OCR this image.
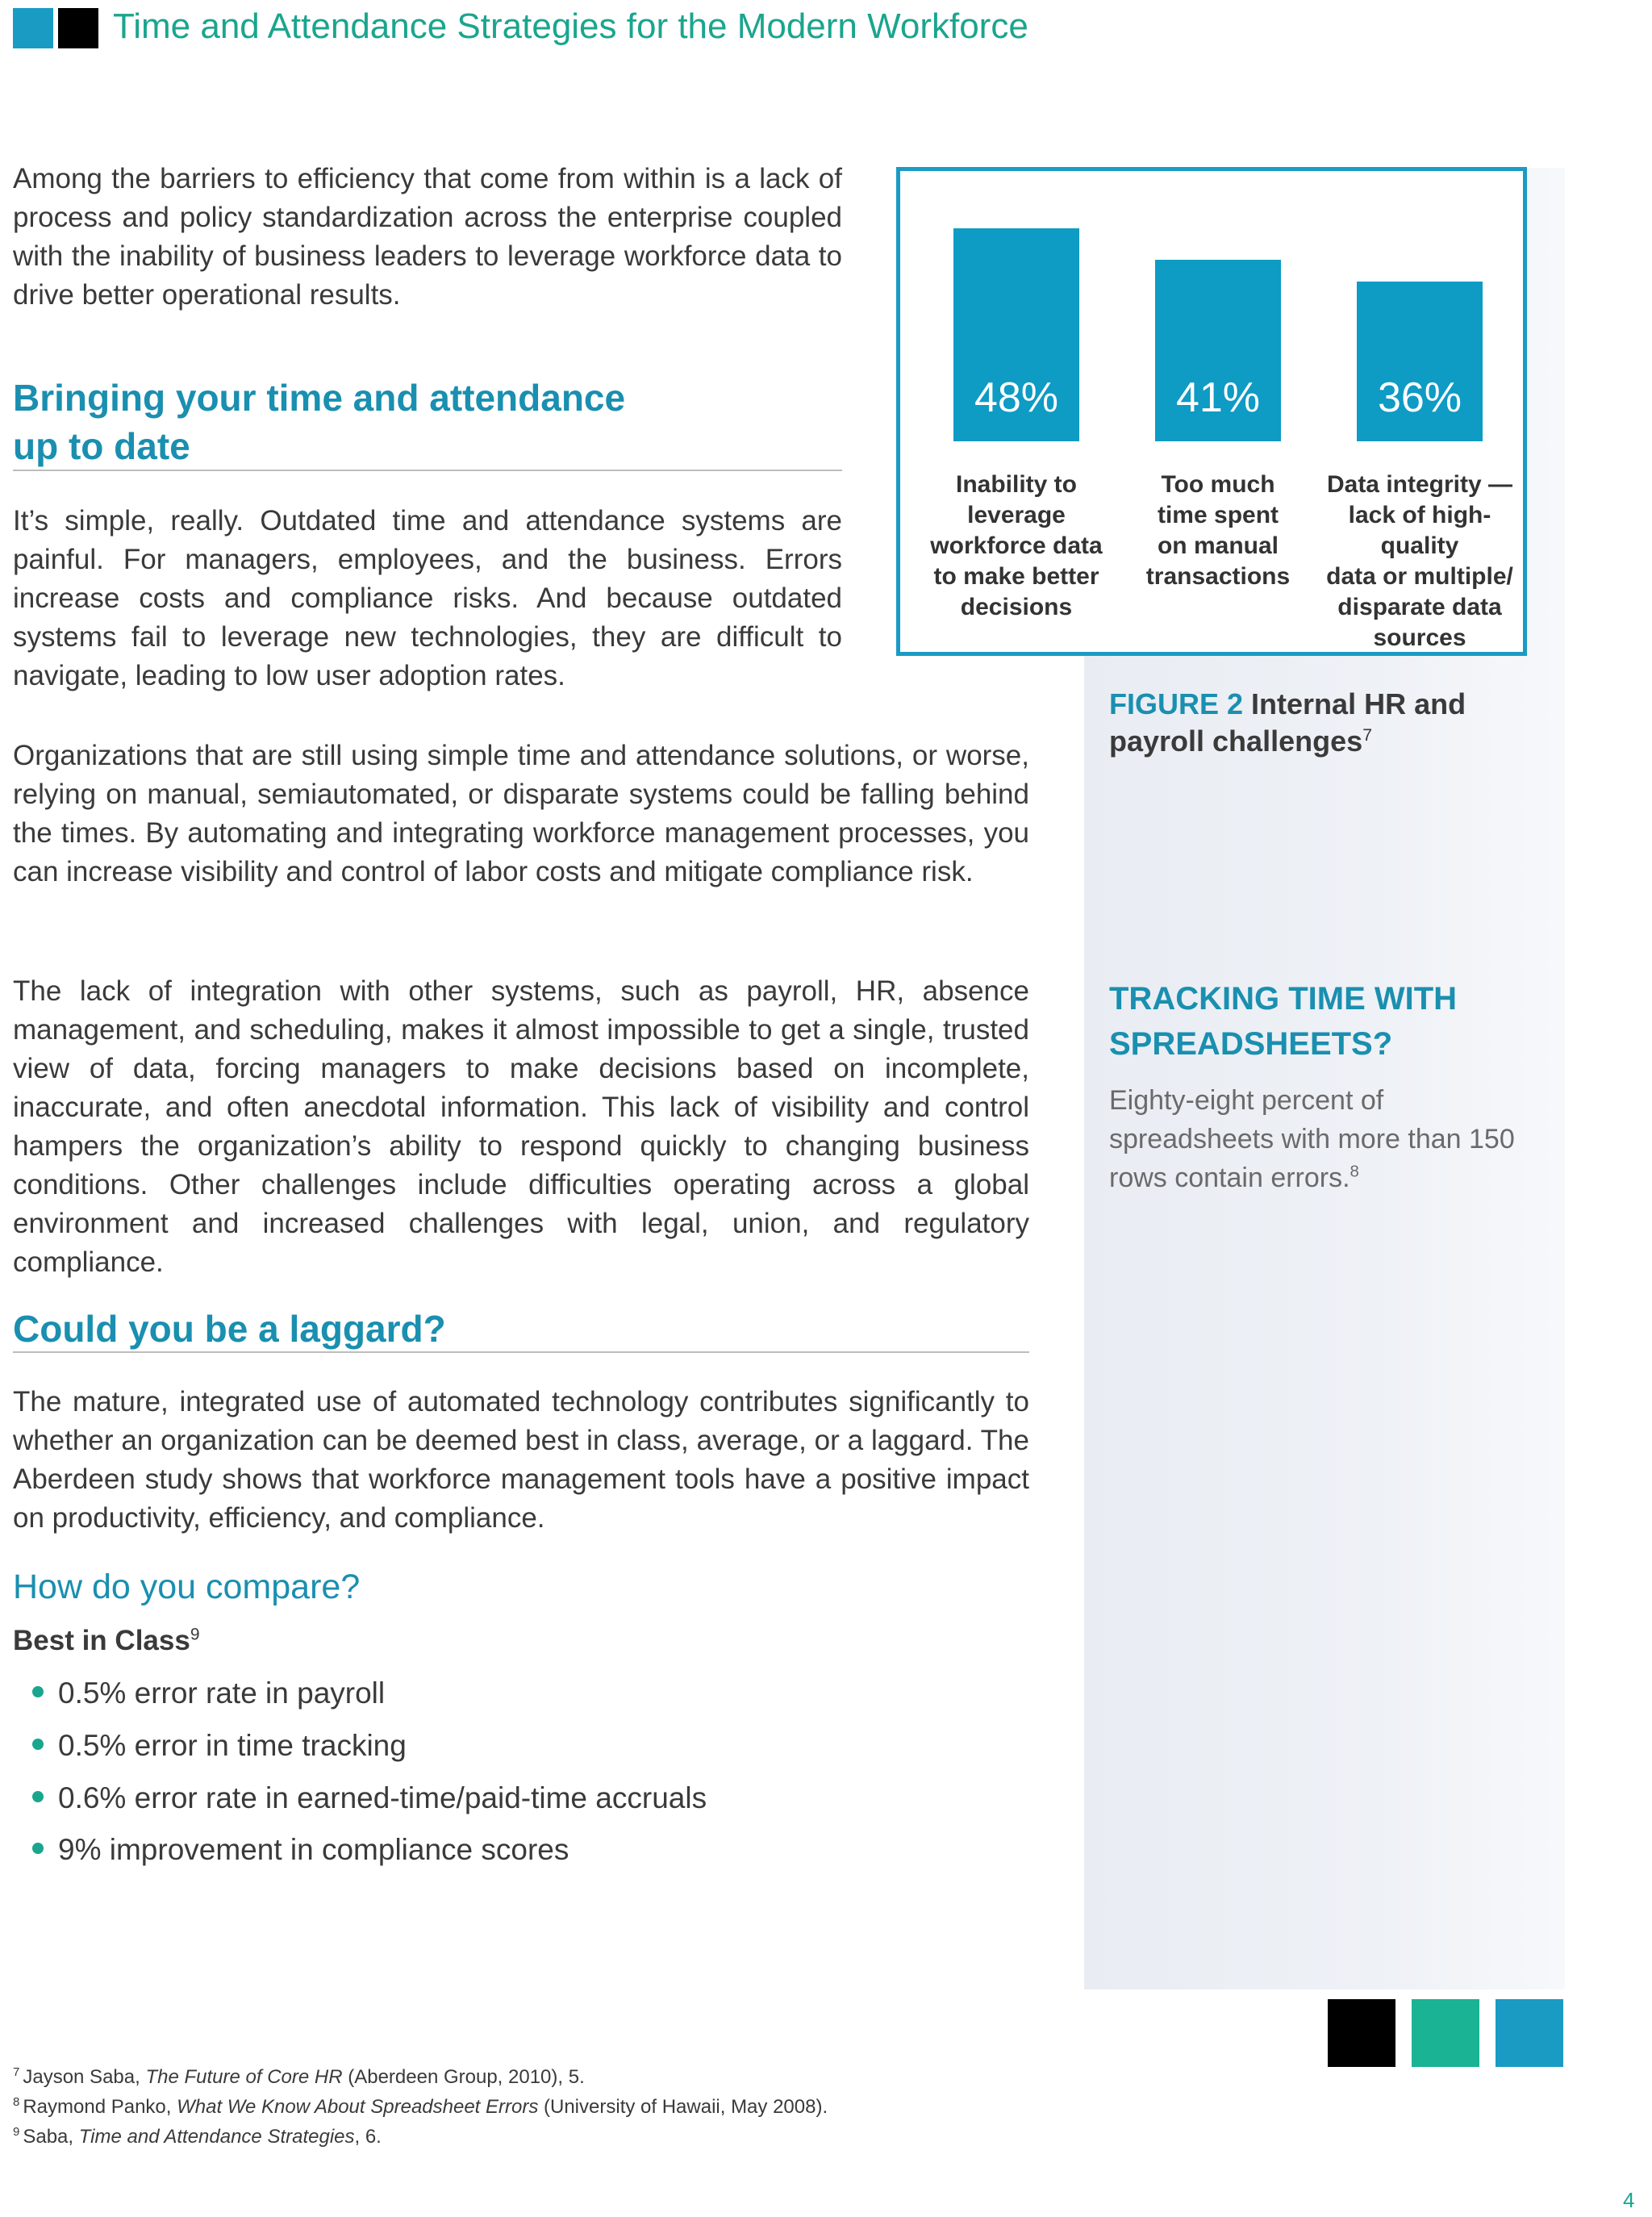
Time and Attendance Strategies for the Modern Workforce
Among the barriers to efficiency that come from within is a lack of process and policy standardization across the enterprise coupled with the inability of business leaders to leverage workforce data to drive better operational results.
Bringing your time and attendance
up to date
It’s simple, really. Outdated time and attendance systems are painful. For managers, employees, and the business. Errors increase costs and compliance risks. And because outdated systems fail to leverage new technologies, they are difficult to navigate, leading to low user adoption rates.
Organizations that are still using simple time and attendance solutions, or worse, relying on manual, semiautomated, or disparate systems could be falling behind the times. By automating and integrating workforce management processes, you can increase visibility and control of labor costs and mitigate compliance risk.
The lack of integration with other systems, such as payroll, HR, absence management, and scheduling, makes it almost impossible to get a single, trusted view of data, forcing managers to make decisions based on incomplete, inaccurate, and often anecdotal information. This lack of visibility and control hampers the organization’s ability to respond quickly to changing business conditions. Other challenges include difficulties operating across a global environment and increased challenges with legal, union, and regulatory compliance.
Could you be a laggard?
The mature, integrated use of automated technology contributes significantly to whether an organization can be deemed best in class, average, or a laggard. The Aberdeen study shows that workforce management tools have a positive impact on productivity, efficiency, and compliance.
How do you compare?
Best in Class$^9$
0.5% error rate in payroll
0.5% error in time tracking
0.6% error rate in earned-time/paid-time accruals
9% improvement in compliance scores
48%	41%	36%
Inability to leverage
workforce data
to make better
decisions
Too much
time spent
on manual
transactions
Data integrity —
lack of high-quality
data or multiple/
disparate data
sources
FIGURE 2 Internal HR and payroll challenges$^7$
TRACKING TIME WITH
SPREADSHEETS?
Eighty-eight percent of spreadsheets with more than 150 rows contain errors.$^8$
$^7$ Jayson Saba, The Future of Core HR (Aberdeen Group, 2010), 5.
$^8$ Raymond Panko, What We Know About Spreadsheet Errors (University of Hawaii, May 2008).
$^9$ Saba, Time and Attendance Strategies, 6.
4
